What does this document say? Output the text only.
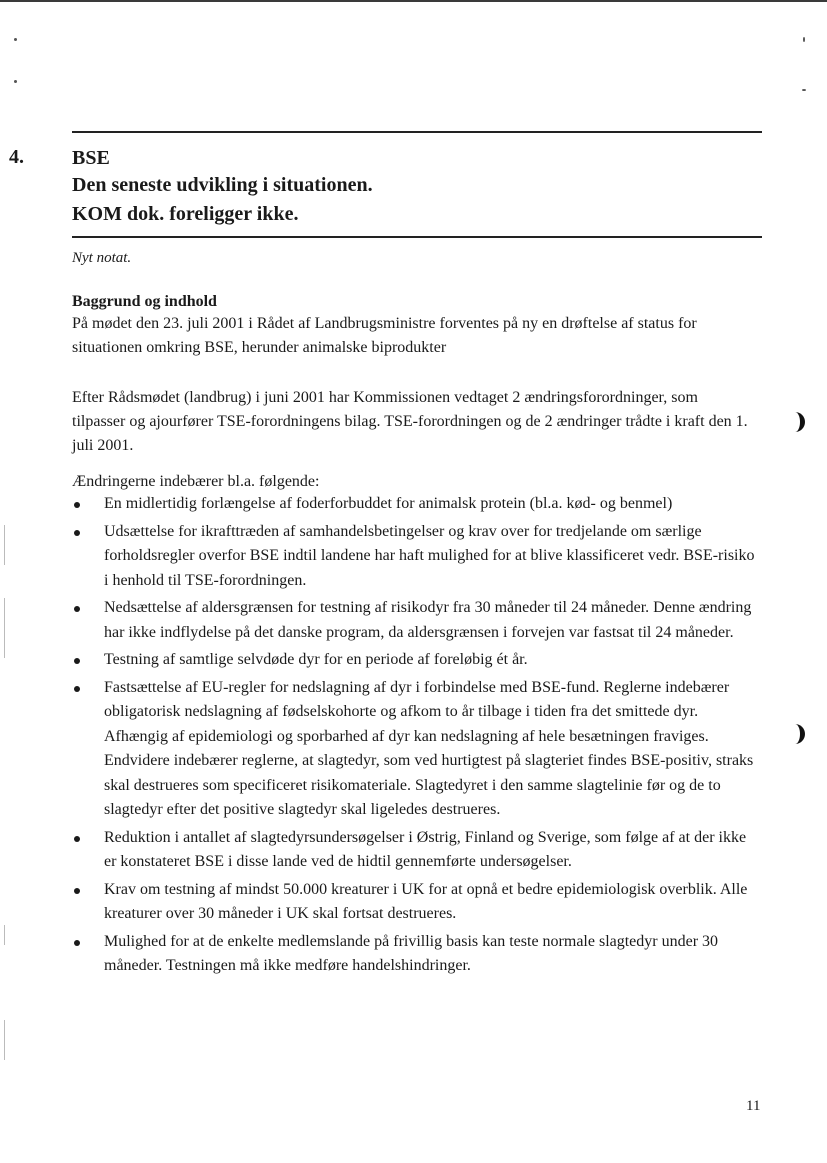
4. BSE
Den seneste udvikling i situationen.
KOM dok. foreligger ikke.
Nyt notat.
Baggrund og indhold

På mødet den 23. juli 2001 i Rådet af Landbrugsministre forventes på ny en drøftelse af status for situationen omkring BSE, herunder animalske biprodukter

Efter Rådsmødet (landbrug) i juni 2001 har Kommissionen vedtaget 2 ændringsforordninger, som tilpasser og ajourfører TSE-forordningens bilag. TSE-forordningen og de 2 ændringer trådte i kraft den 1. juli 2001.

Ændringerne indebærer bl.a. følgende:

En midlertidig forlængelse af foderforbuddet for animalsk protein (bl.a. kød- og benmel)
Udsættelse for ikrafttræden af samhandelsbetingelser og krav over for tredjelande om særlige forholdsregler overfor BSE indtil landene har haft mulighed for at blive klassificeret vedr. BSE-risiko i henhold til TSE-forordningen.
Nedsættelse af aldersgrænsen for testning af risikodyr fra 30 måneder til 24 måneder. Denne ændring har ikke indflydelse på det danske program, da aldersgrænsen i forvejen var fastsat til 24 måneder.
Testning af samtlige selvdøde dyr for en periode af foreløbig ét år.
Fastsættelse af EU-regler for nedslagning af dyr i forbindelse med BSE-fund. Reglerne indebærer obligatorisk nedslagning af fødselskohorte og afkom to år tilbage i tiden fra det smittede dyr. Afhængig af epidemiologi og sporbarhed af dyr kan nedslagning af hele besætningen fraviges. Endvidere indebærer reglerne, at slagtedyr, som ved hurtigtest på slagteriet findes BSE-positiv, straks skal destrueres som specificeret risikomateriale. Slagtedyret i den samme slagtelinie før og de to slagtedyr efter det positive slagtedyr skal ligeledes destrueres.
Reduktion i antallet af slagtedyrsundersøgelser i Østrig, Finland og Sverige, som følge af at der ikke er konstateret BSE i disse lande ved de hidtil gennemførte undersøgelser.
Krav om testning af mindst 50.000 kreaturer i UK for at opnå et bedre epidemiologisk overblik. Alle kreaturer over 30 måneder i UK skal fortsat destrueres.
Mulighed for at de enkelte medlemslande på frivillig basis kan teste normale slagtedyr under 30 måneder. Testningen må ikke medføre handelshindringer.
11
